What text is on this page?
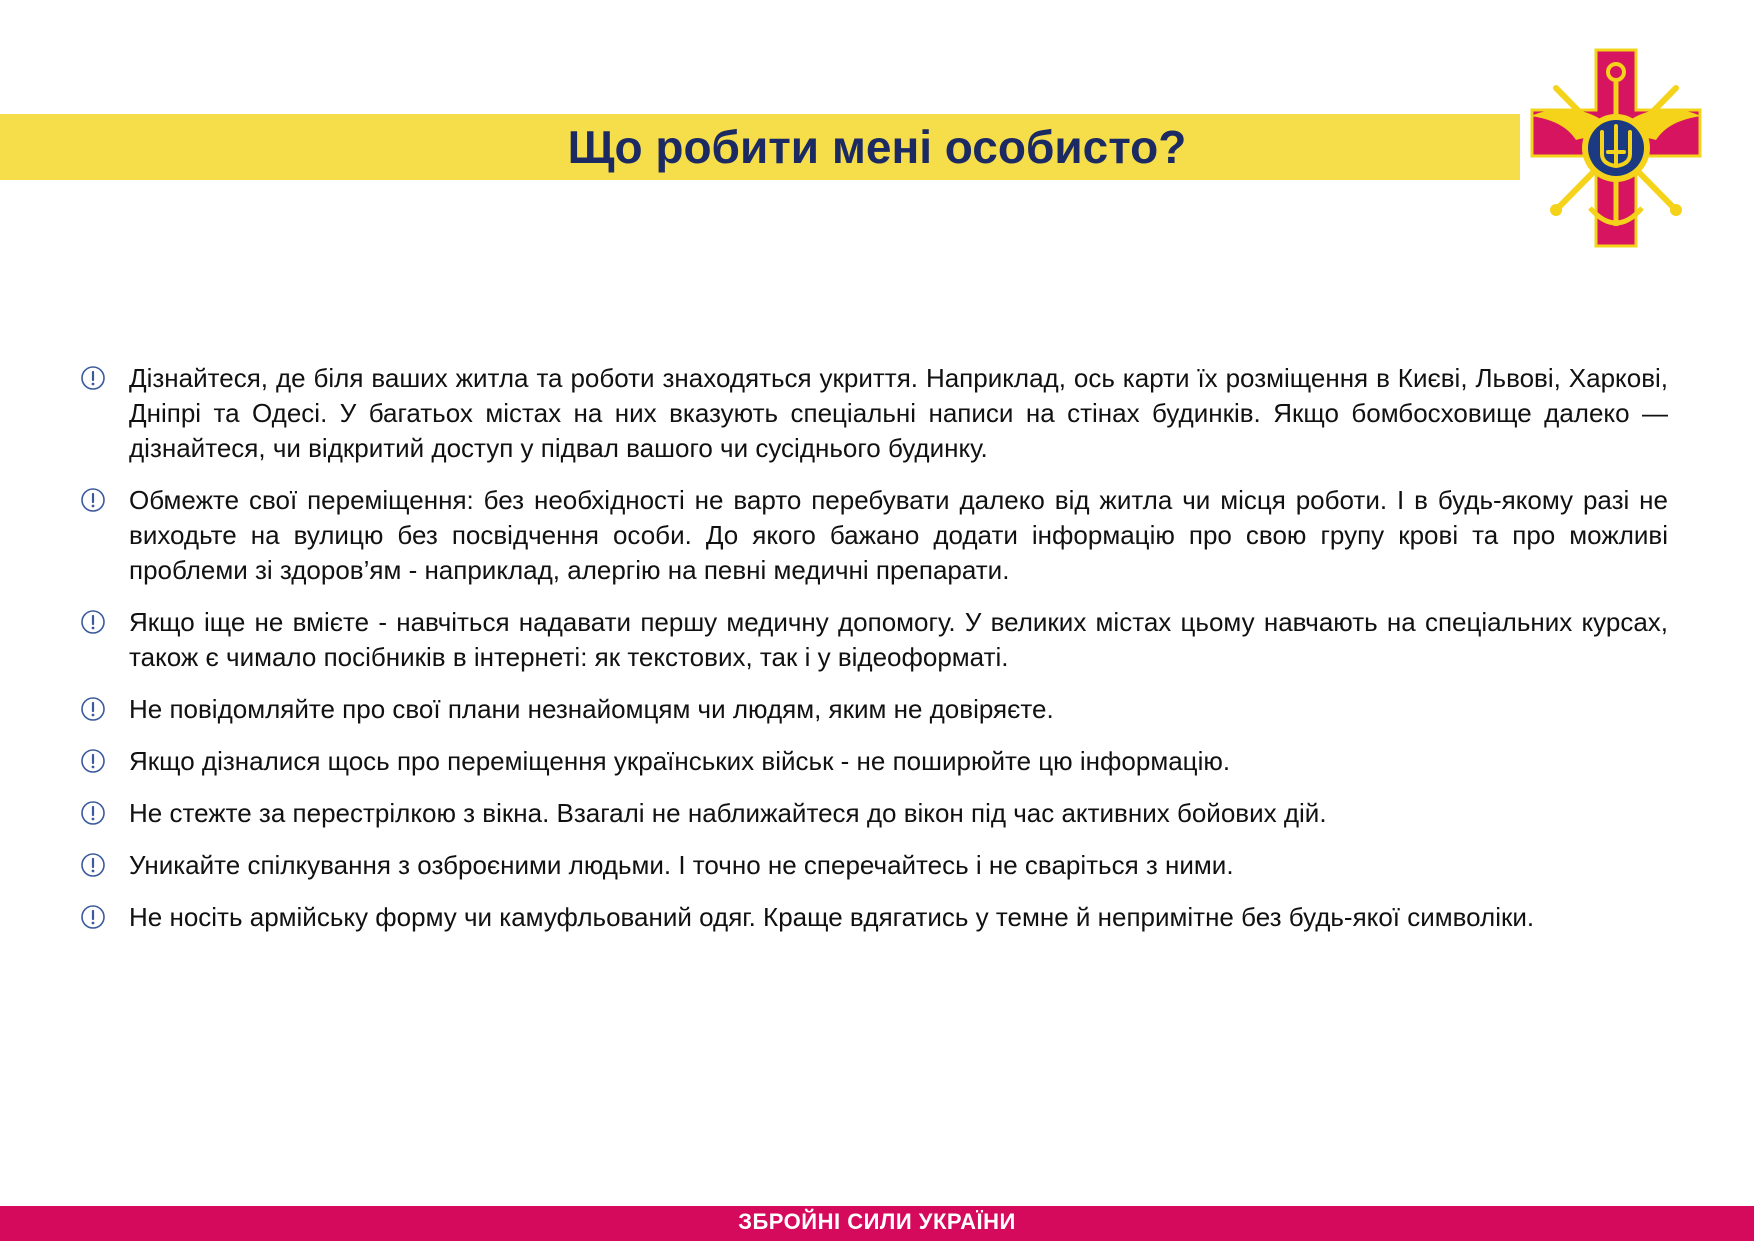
Що робити мені особисто?

Дізнайтеся, де біля ваших житла та роботи знаходяться укриття. Наприклад, ось карти їх розміщення в Києві, Львові, Харкові, Дніпрі та Одесі. У багатьох містах на них вказують спеціальні написи на стінах будинків. Якщо бомбосховище далеко — дізнайтеся, чи відкритий доступ у підвал вашого чи сусіднього будинку.

Обмежте свої переміщення: без необхідності не варто перебувати далеко від житла чи місця роботи. І в будь-якому разі не виходьте на вулицю без посвідчення особи. До якого бажано додати інформацію про свою групу крові та про можливі проблеми зі здоров’ям - наприклад, алергію на певні медичні препарати.

Якщо іще не вмієте - навчіться надавати першу медичну допомогу. У великих містах цьому навчають на спеціальних курсах, також є чимало посібників в інтернеті: як текстових, так і у відеоформаті.

Не повідомляйте про свої плани незнайомцям чи людям, яким не довіряєте.

Якщо дізналися щось про переміщення українських військ - не поширюйте цю інформацію.

Не стежте за перестрілкою з вікна. Взагалі не наближайтеся до вікон під час активних бойових дій.

Уникайте спілкування з озброєними людьми. І точно не сперечайтесь і не сваріться з ними.

Не носіть армійську форму чи камуфльований одяг. Краще вдягатись у темне й непримітне без будь-якої символіки.

ЗБРОЙНІ СИЛИ УКРАЇНИ
